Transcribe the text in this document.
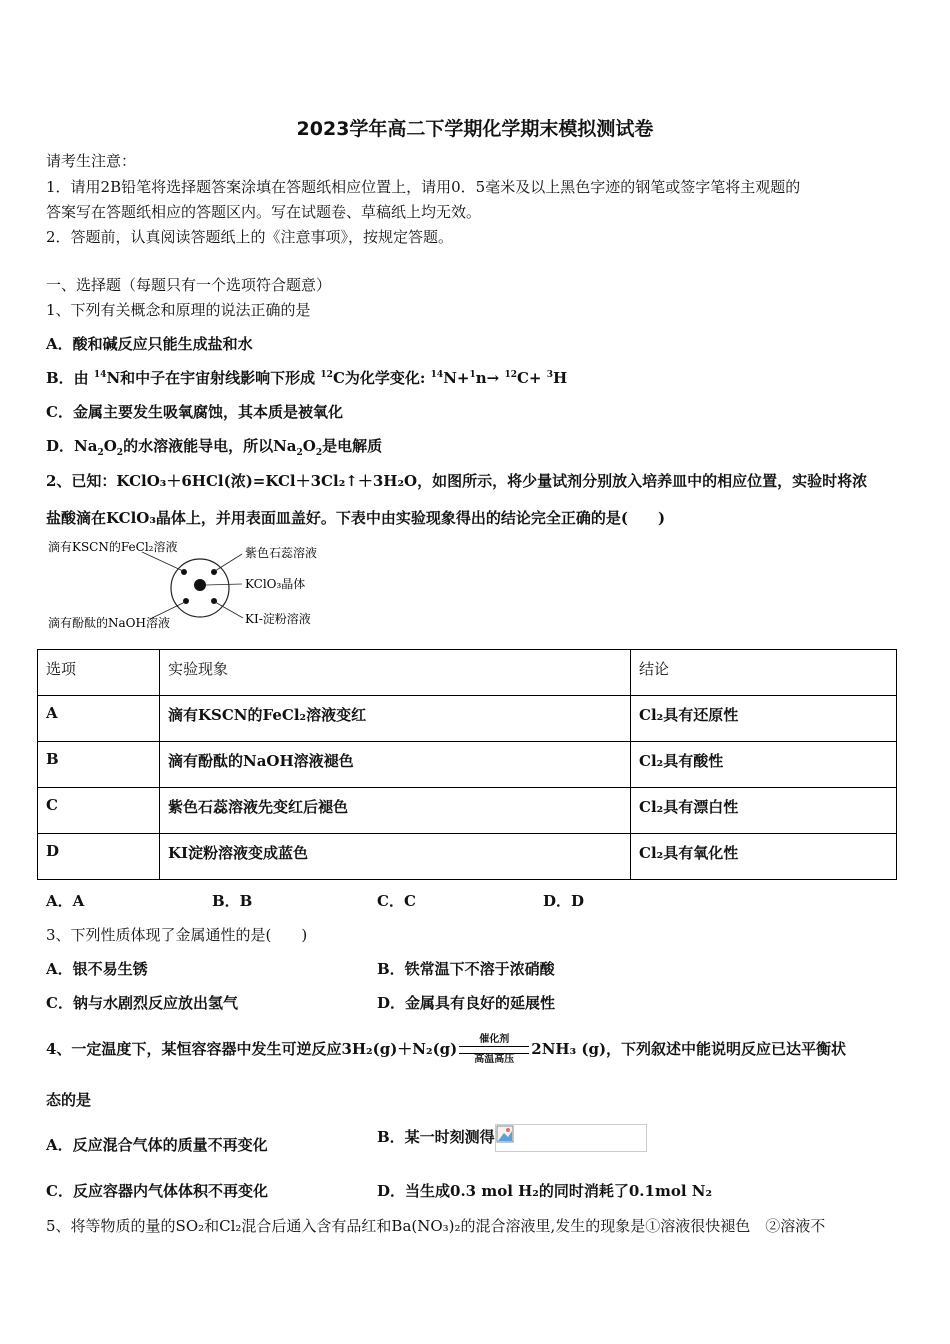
2023学年高二下学期化学期末模拟测试卷
请考生注意：
1．请用2B铅笔将选择题答案涂填在答题纸相应位置上，请用0．5毫米及以上黑色字迹的钢笔或签字笔将主观题的
答案写在答题纸相应的答题区内。写在试题卷、草稿纸上均无效。
2．答题前，认真阅读答题纸上的《注意事项》，按规定答题。
一、选择题（每题只有一个选项符合题意）
1、下列有关概念和原理的说法正确的是
A．酸和碱反应只能生成盐和水
B．由 $^{14}$N和中子在宇宙射线影响下形成 $^{12}$C为化学变化: $^{14}$N+$^1$n→ $^{12}$C+ $^3$H
C．金属主要发生吸氧腐蚀，其本质是被氧化
D．$Na_2O_2$的水溶液能导电，所以$Na_2O_2$是电解质
2、已知：KClO₃＋6HCl(浓)=KCl＋3Cl₂↑＋3H₂O，如图所示，将少量试剂分别放入培养皿中的相应位置，实验时将浓
盐酸滴在KClO₃晶体上，并用表面皿盖好。下表中由实验现象得出的结论完全正确的是(　　)
滴有KSCN的FeCl₂溶液	紫色石蕊溶液
KClO₃晶体
滴有酚酞的NaOH溶液	KI-淀粉溶液
选项	实验现象	结论
A	滴有KSCN的FeCl₂溶液变红	Cl₂具有还原性
B	滴有酚酞的NaOH溶液褪色	Cl₂具有酸性
C	紫色石蕊溶液先变红后褪色	Cl₂具有漂白性
D	KI淀粉溶液变成蓝色	Cl₂具有氧化性
A．A	B．B	C．C	D．D
3、下列性质体现了金属通性的是(　　)
A．银不易生锈	B．铁常温下不溶于浓硝酸
C．钠与水剧烈反应放出氢气	D．金属具有良好的延展性
4、一定温度下，某恒容容器中发生可逆反应3H₂(g)＋N₂(g)催化剂
高温高压2NH₃ (g)，下列叙述中能说明反应已达平衡状
态的是
A．反应混合气体的质量不再变化	B．某一时刻测得
C．反应容器内气体体积不再变化	D．当生成0.3 mol H₂的同时消耗了0.1mol N₂
5、将等物质的量的SO₂和Cl₂混合后通入含有品红和Ba(NO₃)₂的混合溶液里,发生的现象是①溶液很快褪色　②溶液不
